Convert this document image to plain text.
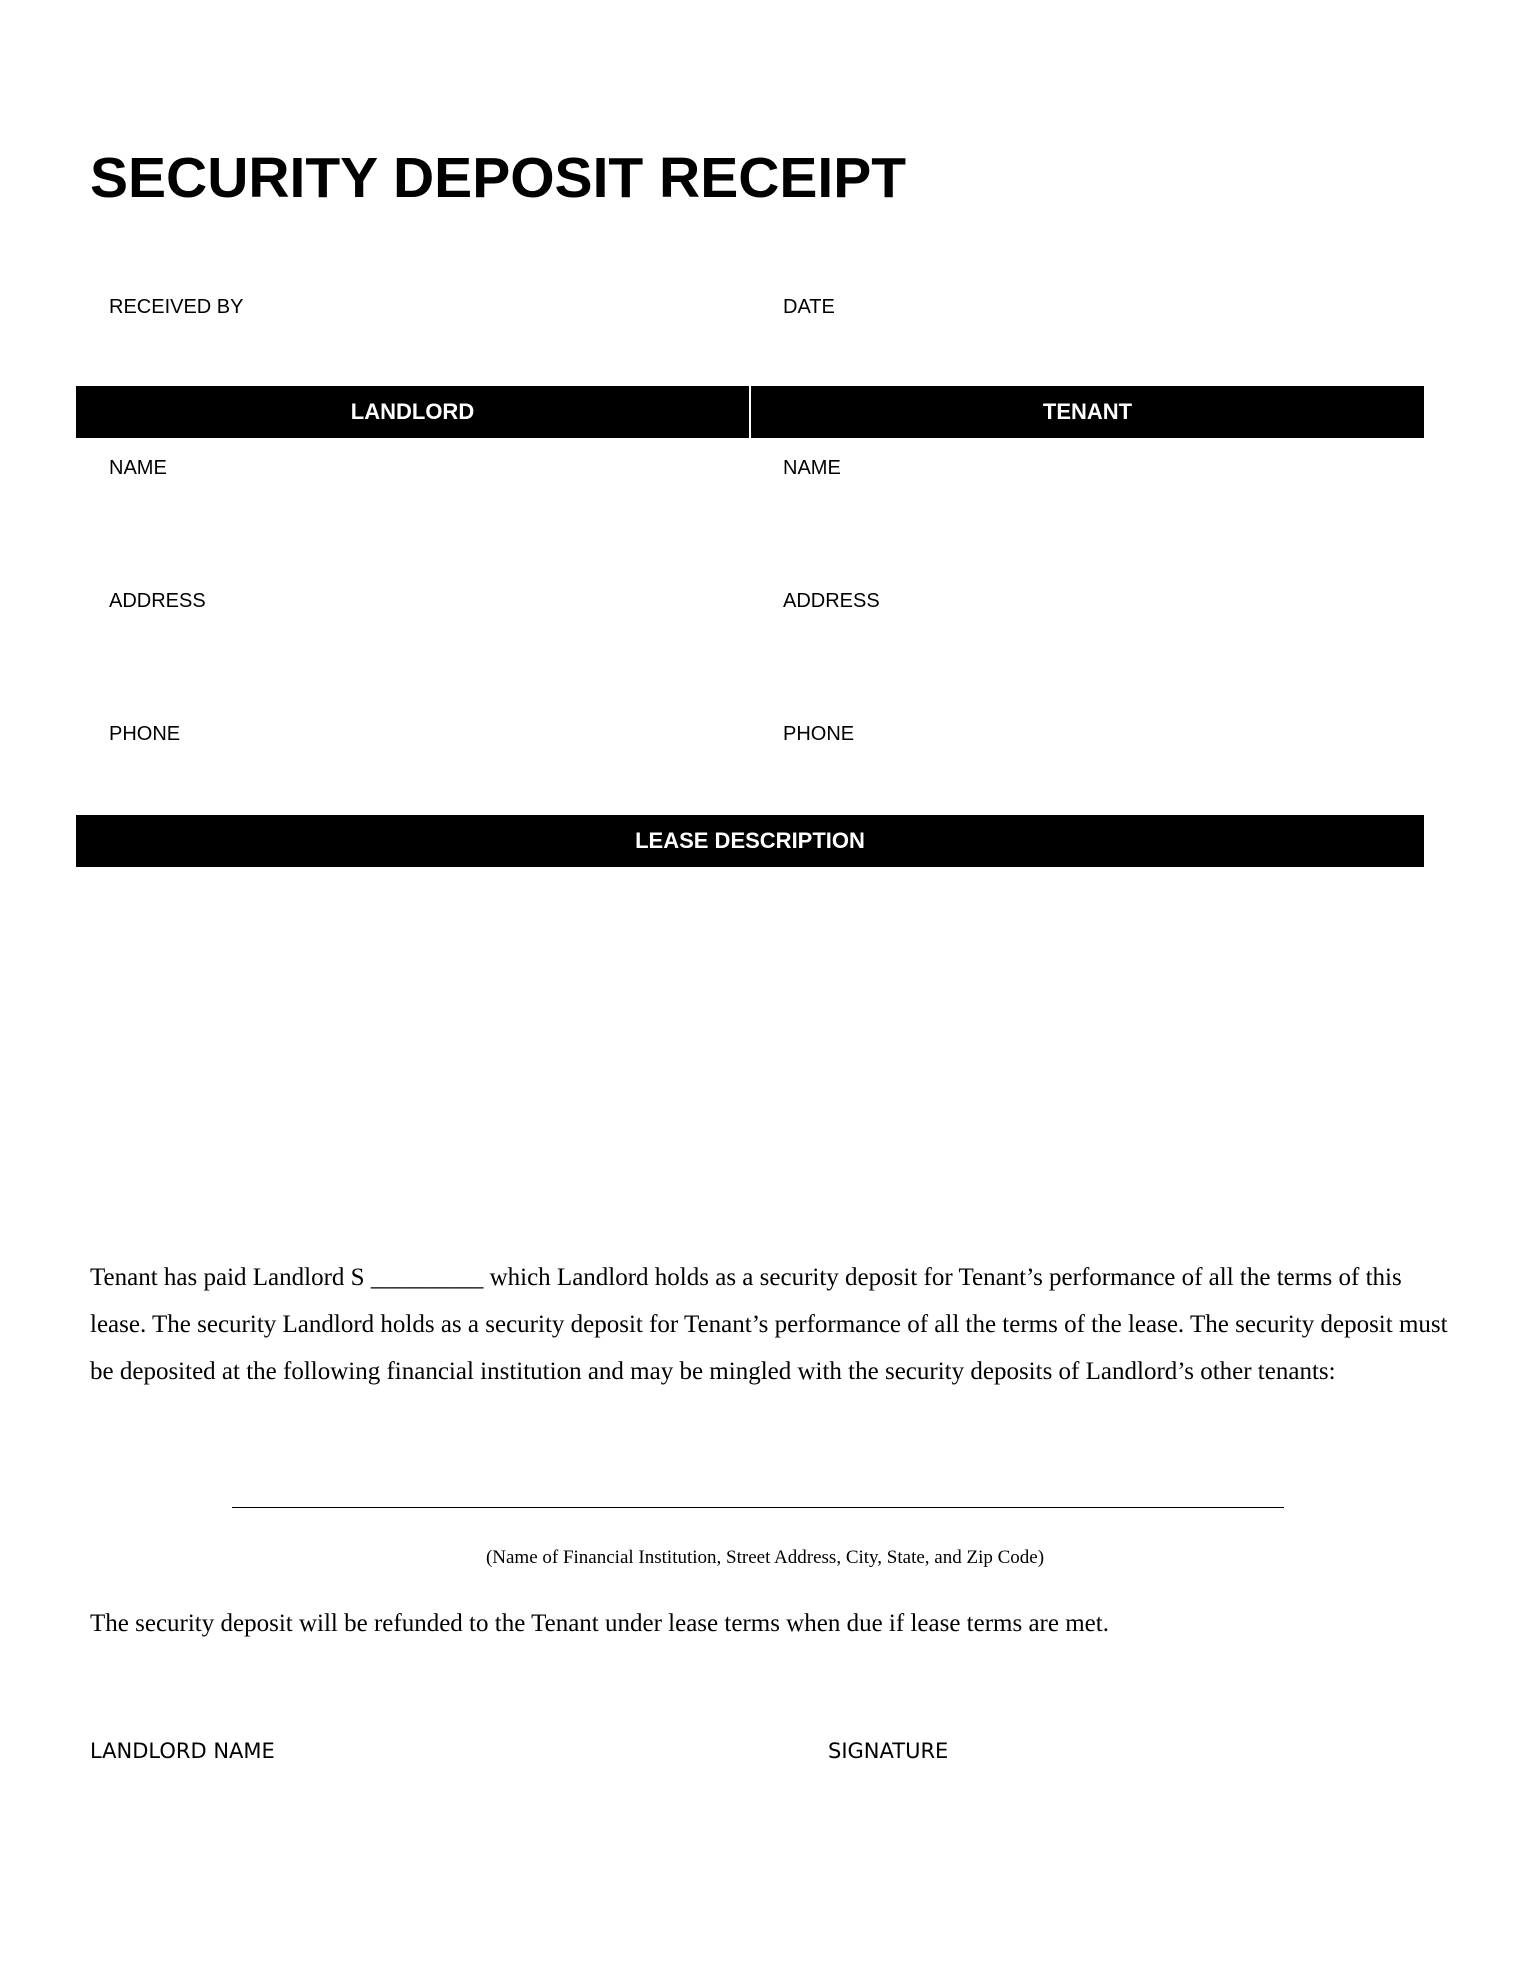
SECURITY DEPOSIT RECEIPT
RECEIVED BY	DATE
LANDLORD	TENANT
NAME	NAME
ADDRESS	ADDRESS
PHONE	PHONE
LEASE DESCRIPTION

Tenant has paid Landlord S _________ which Landlord holds as a security deposit for Tenant’s performance of all the terms of this lease. The security Landlord holds as a security deposit for Tenant’s performance of all the terms of the lease. The security deposit must be deposited at the following financial institution and may be mingled with the security deposits of Landlord’s other tenants:

(Name of Financial Institution, Street Address, City, State, and Zip Code)

The security deposit will be refunded to the Tenant under lease terms when due if lease terms are met.

LANDLORD NAME	SIGNATURE
